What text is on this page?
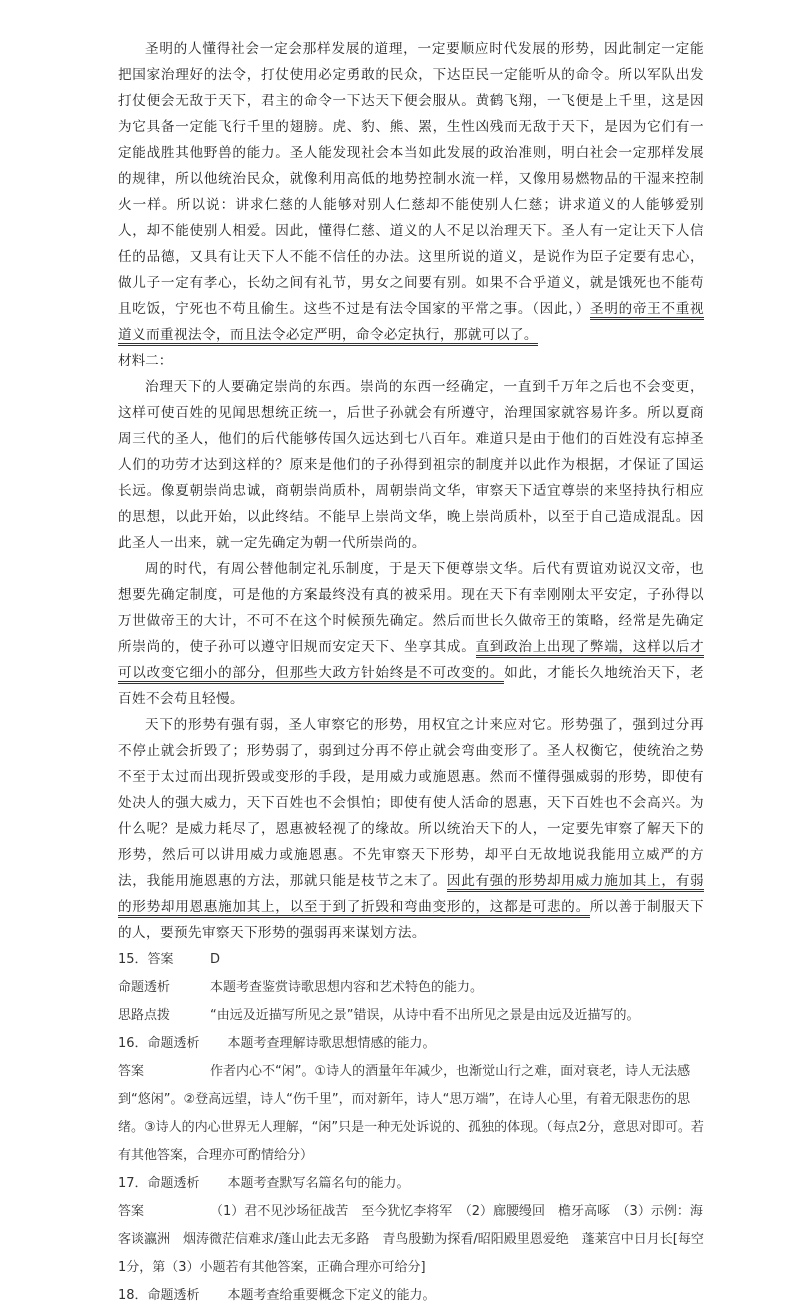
圣明的人懂得社会一定会那样发展的道理，一定要顺应时代发展的形势，因此制定一定能把国家治理好的法令，打仗使用必定勇敢的民众，下达臣民一定能听从的命令。所以军队出发打仗便会无敌于天下，君主的命令一下达天下便会服从。黄鹤飞翔，一飞便是上千里，这是因为它具备一定能飞行千里的翅膀。虎、豹、熊、罴，生性凶残而无敌于天下，是因为它们有一定能战胜其他野兽的能力。圣人能发现社会本当如此发展的政治准则，明白社会一定那样发展的规律，所以他统治民众，就像利用高低的地势控制水流一样，又像用易燃物品的干湿来控制火一样。所以说：讲求仁慈的人能够对别人仁慈却不能使别人仁慈；讲求道义的人能够爱别人，却不能使别人相爱。因此，懂得仁慈、道义的人不足以治理天下。圣人有一定让天下人信任的品德，又具有让天下人不能不信任的办法。这里所说的道义，是说作为臣子定要有忠心，做儿子一定有孝心，长幼之间有礼节，男女之间要有别。如果不合乎道义，就是饿死也不能苟且吃饭，宁死也不苟且偷生。这些不过是有法令国家的平常之事。（因此，）圣明的帝王不重视道义而重视法令，而且法令必定严明，命令必定执行，那就可以了。

材料二：

治理天下的人要确定崇尚的东西。崇尚的东西一经确定，一直到千万年之后也不会变更，这样可使百姓的见闻思想统正统一，后世子孙就会有所遵守，治理国家就容易许多。所以夏商周三代的圣人，他们的后代能够传国久远达到七八百年。难道只是由于他们的百姓没有忘掉圣人们的功劳才达到这样的？原来是他们的子孙得到祖宗的制度并以此作为根据，才保证了国运长远。像夏朝崇尚忠诚，商朝崇尚质朴，周朝崇尚文华，审察天下适宜尊崇的来坚持执行相应的思想，以此开始，以此终结。不能早上崇尚文华，晚上崇尚质朴，以至于自己造成混乱。因此圣人一出来，就一定先确定为朝一代所崇尚的。

周的时代，有周公替他制定礼乐制度，于是天下便尊崇文华。后代有贾谊劝说汉文帝，也想要先确定制度，可是他的方案最终没有真的被采用。现在天下有幸刚刚太平安定，子孙得以万世做帝王的大计，不可不在这个时候预先确定。然后而世长久做帝王的策略，经常是先确定所崇尚的，使子孙可以遵守旧规而安定天下、坐享其成。直到政治上出现了弊端，这样以后才可以改变它细小的部分，但那些大政方针始终是不可改变的。如此，才能长久地统治天下，老百姓不会苟且轻慢。

天下的形势有强有弱，圣人审察它的形势，用权宜之计来应对它。形势强了，强到过分再不停止就会折毁了；形势弱了，弱到过分再不停止就会弯曲变形了。圣人权衡它，使统治之势不至于太过而出现折毁或变形的手段，是用威力或施恩惠。然而不懂得强威弱的形势，即使有处决人的强大威力，天下百姓也不会惧怕；即使有使人活命的恩惠，天下百姓也不会高兴。为什么呢？是威力耗尽了，恩惠被轻视了的缘故。所以统治天下的人，一定要先审察了解天下的形势，然后可以讲用威力或施恩惠。不先审察天下形势，却平白无故地说我能用立威严的方法，我能用施恩惠的方法，那就只能是枝节之末了。因此有强的形势却用威力施加其上，有弱的形势却用恩惠施加其上，以至于到了折毁和弯曲变形的，这都是可悲的。所以善于制服天下的人，要预先审察天下形势的强弱再来谋划方法。

15．答案	D

命题透析	本题考查鉴赏诗歌思想内容和艺术特色的能力。

思路点拨	“由远及近描写所见之景”错误，从诗中看不出所见之景是由远及近描写的。

16．命题透析 本题考查理解诗歌思想情感的能力。

答案	作者内心不“闲”。①诗人的酒量年年减少，也渐觉山行之难，面对衰老，诗人无法感到“悠闲”。②登高远望，诗人“伤千里”，而对新年，诗人“思万端”，在诗人心里，有着无限悲伤的思绪。③诗人的内心世界无人理解，“闲”只是一种无处诉说的、孤独的体现。（每点2分，意思对即可。若有其他答案，合理亦可酌情给分）

17．命题透析 本题考查默写名篇名句的能力。

答案	（1）君不见沙场征战苦　至今犹忆李将军　（2）廊腰缦回　檐牙高啄　（3）示例：海客谈瀛洲　烟涛微茫信难求/蓬山此去无多路　青鸟殷勤为探看/昭阳殿里恩爱绝　蓬莱宫中日月长[每空1分，第（3）小题若有其他答案，正确合理亦可给分]

18．命题透析 本题考查给重要概念下定义的能力。
